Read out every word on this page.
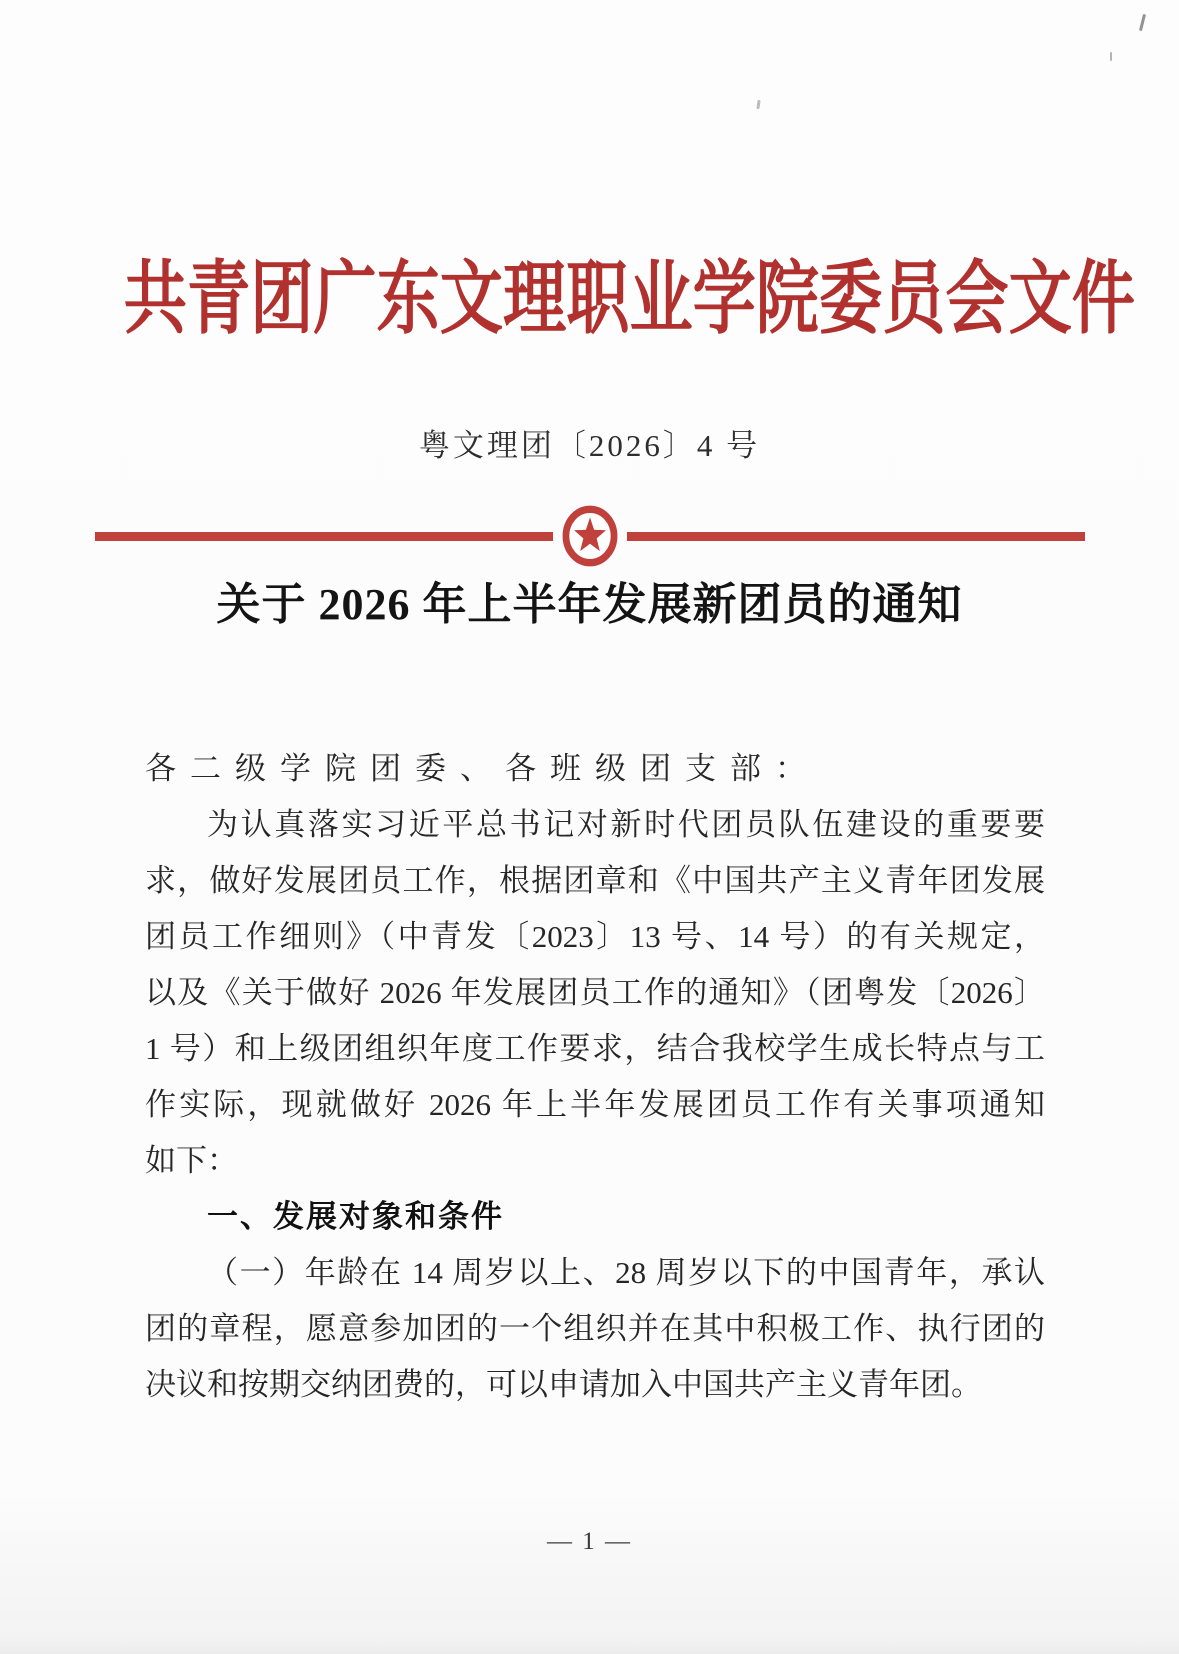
共青团广东文理职业学院委员会文件
粤文理团〔2026〕4 号
关于 2026 年上半年发展新团员的通知
各二级学院团委、各班级团支部：
为认真落实习近平总书记对新时代团员队伍建设的重要要
求，做好发展团员工作，根据团章和《中国共产主义青年团发展
团员工作细则》（中青发〔2023〕13 号、14 号）的有关规定，
以及《关于做好 2026 年发展团员工作的通知》（团粤发〔2026〕
1 号）和上级团组织年度工作要求，结合我校学生成长特点与工
作实际，现就做好 2026 年上半年发展团员工作有关事项通知
如下：
一、发展对象和条件
（一）年龄在 14 周岁以上、28 周岁以下的中国青年，承认
团的章程，愿意参加团的一个组织并在其中积极工作、执行团的
决议和按期交纳团费的，可以申请加入中国共产主义青年团。
— 1 —
